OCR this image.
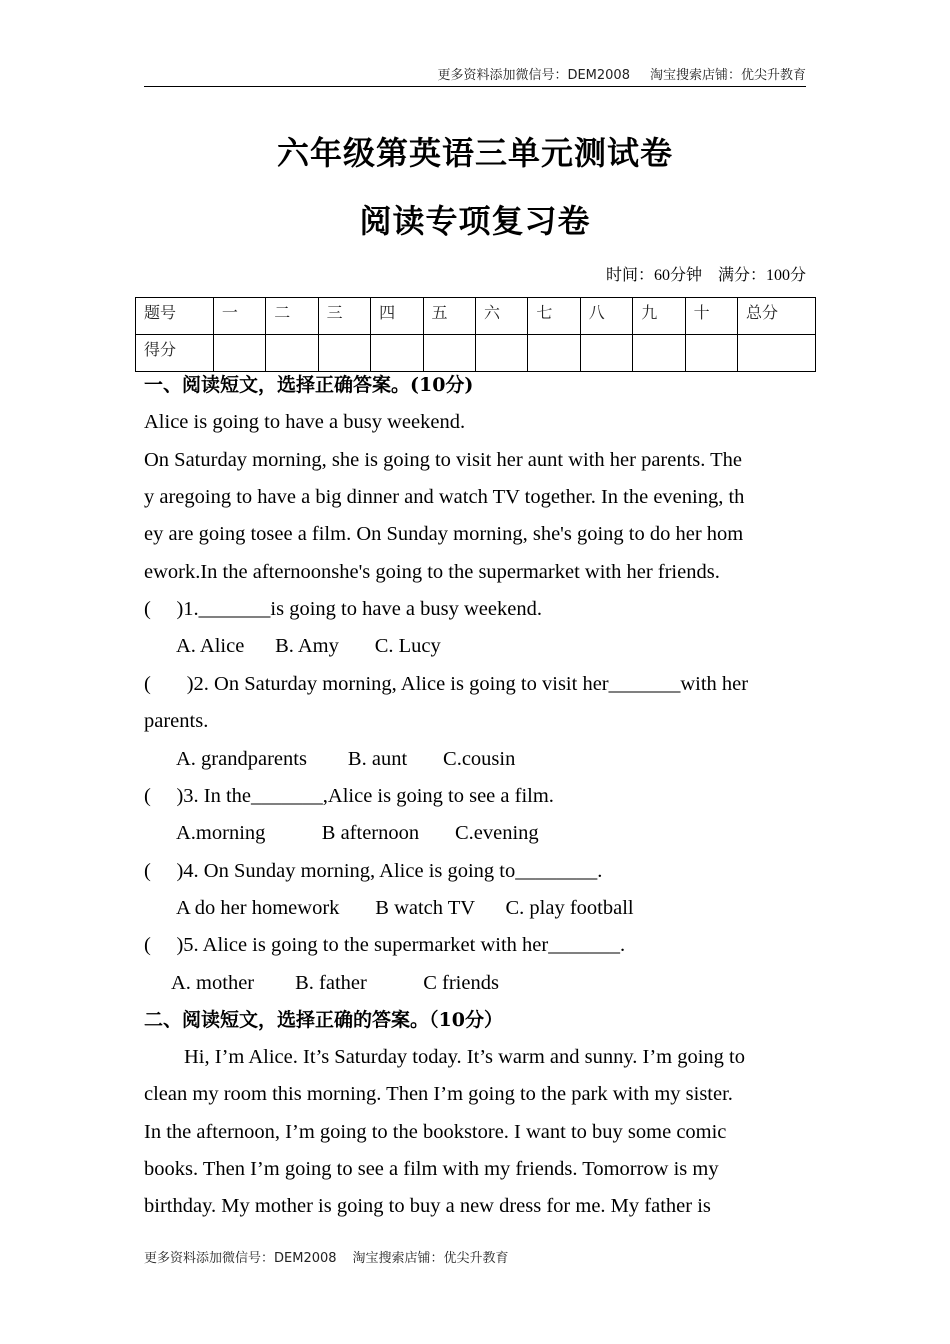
更多资料添加微信号：DEM2008 淘宝搜索店铺：优尖升教育
六年级第英语三单元测试卷
阅读专项复习卷
时间：60分钟 满分：100分
题号	一	二	三	四	五	六	七	八	九	十	总分
得分											
一、阅读短文，选择正确答案。(10分)
Alice is going to have a busy weekend.
On Saturday morning, she is going to visit her aunt with her parents. The
y aregoing to have a big dinner and watch TV together. In the evening, th
ey are going tosee a film. On Sunday morning, she's going to do her hom
ework.In the afternoonshe's going to the supermarket with her friends.
(     )1._______is going to have a busy weekend.
A. Alice      B. Amy       C. Lucy
(       )2. On Saturday morning, Alice is going to visit her_______with her
parents.
A. grandparents        B. aunt       C.cousin
(     )3. In the_______,Alice is going to see a film.
A.morning           B afternoon       C.evening
(     )4. On Sunday morning, Alice is going to________.
A do her homework       B watch TV      C. play football
(     )5. Alice is going to the supermarket with her_______.
A. mother        B. father           C friends
二、阅读短文，选择正确的答案。（10分）
Hi, I’m Alice. It’s Saturday today. It’s warm and sunny. I’m going to
clean my room this morning. Then I’m going to the park with my sister.
In the afternoon, I’m going to the bookstore. I want to buy some comic
books. Then I’m going to see a film with my friends. Tomorrow is my
birthday. My mother is going to buy a new dress for me. My father is
更多资料添加微信号：DEM2008 淘宝搜索店铺：优尖升教育
